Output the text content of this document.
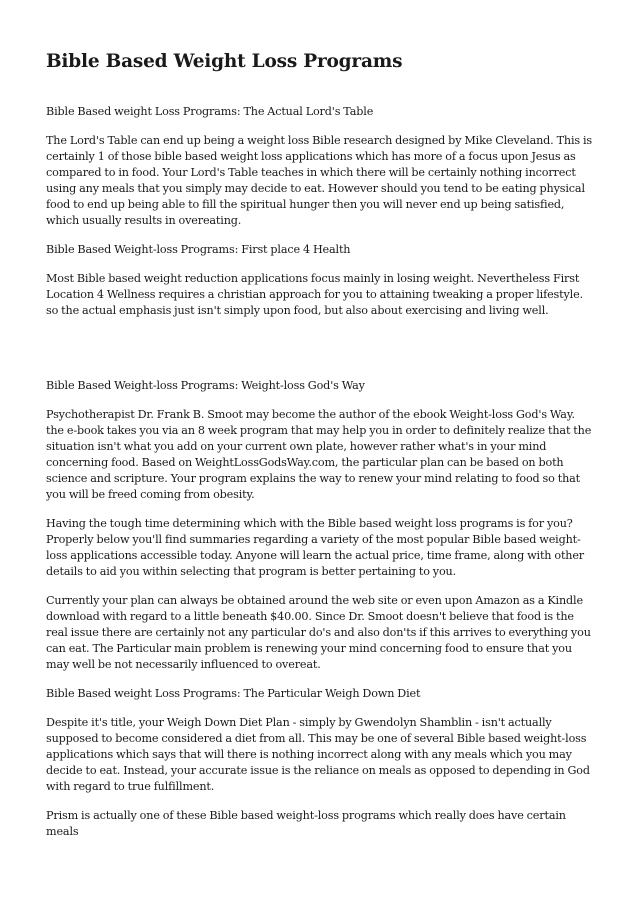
Bible Based Weight Loss Programs

Bible Based weight Loss Programs: The Actual Lord's Table

The Lord's Table can end up being a weight loss Bible research designed by Mike Cleveland. This is certainly 1 of those bible based weight loss applications which has more of a focus upon Jesus as compared to in food. Your Lord's Table teaches in which there will be certainly nothing incorrect using any meals that you simply may decide to eat. However should you tend to be eating physical food to end up being able to fill the spiritual hunger then you will never end up being satisfied, which usually results in overeating.

Bible Based Weight-loss Programs: First place 4 Health

Most Bible based weight reduction applications focus mainly in losing weight. Nevertheless First Location 4 Wellness requires a christian approach for you to attaining tweaking a proper lifestyle. so the actual emphasis just isn't simply upon food, but also about exercising and living well.

Bible Based Weight-loss Programs: Weight-loss God's Way

Psychotherapist Dr. Frank B. Smoot may become the author of the ebook Weight-loss God's Way. the e-book takes you via an 8 week program that may help you in order to definitely realize that the situation isn't what you add on your current own plate, however rather what's in your mind concerning food. Based on WeightLossGodsWay.com, the particular plan can be based on both science and scripture. Your program explains the way to renew your mind relating to food so that you will be freed coming from obesity.

Having the tough time determining which with the Bible based weight loss programs is for you? Properly below you'll find summaries regarding a variety of the most popular Bible based weight-loss applications accessible today. Anyone will learn the actual price, time frame, along with other details to aid you within selecting that program is better pertaining to you.

Currently your plan can always be obtained around the web site or even upon Amazon as a Kindle download with regard to a little beneath $40.00. Since Dr. Smoot doesn't believe that food is the real issue there are certainly not any particular do's and also don'ts if this arrives to everything you can eat. The Particular main problem is renewing your mind concerning food to ensure that you may well be not necessarily influenced to overeat.

Bible Based weight Loss Programs: The Particular Weigh Down Diet

Despite it's title, your Weigh Down Diet Plan - simply by Gwendolyn Shamblin - isn't actually supposed to become considered a diet from all. This may be one of several Bible based weight-loss applications which says that will there is nothing incorrect along with any meals which you may decide to eat. Instead, your accurate issue is the reliance on meals as opposed to depending in God with regard to true fulfillment.

Prism is actually one of these Bible based weight-loss programs which really does have certain meals
